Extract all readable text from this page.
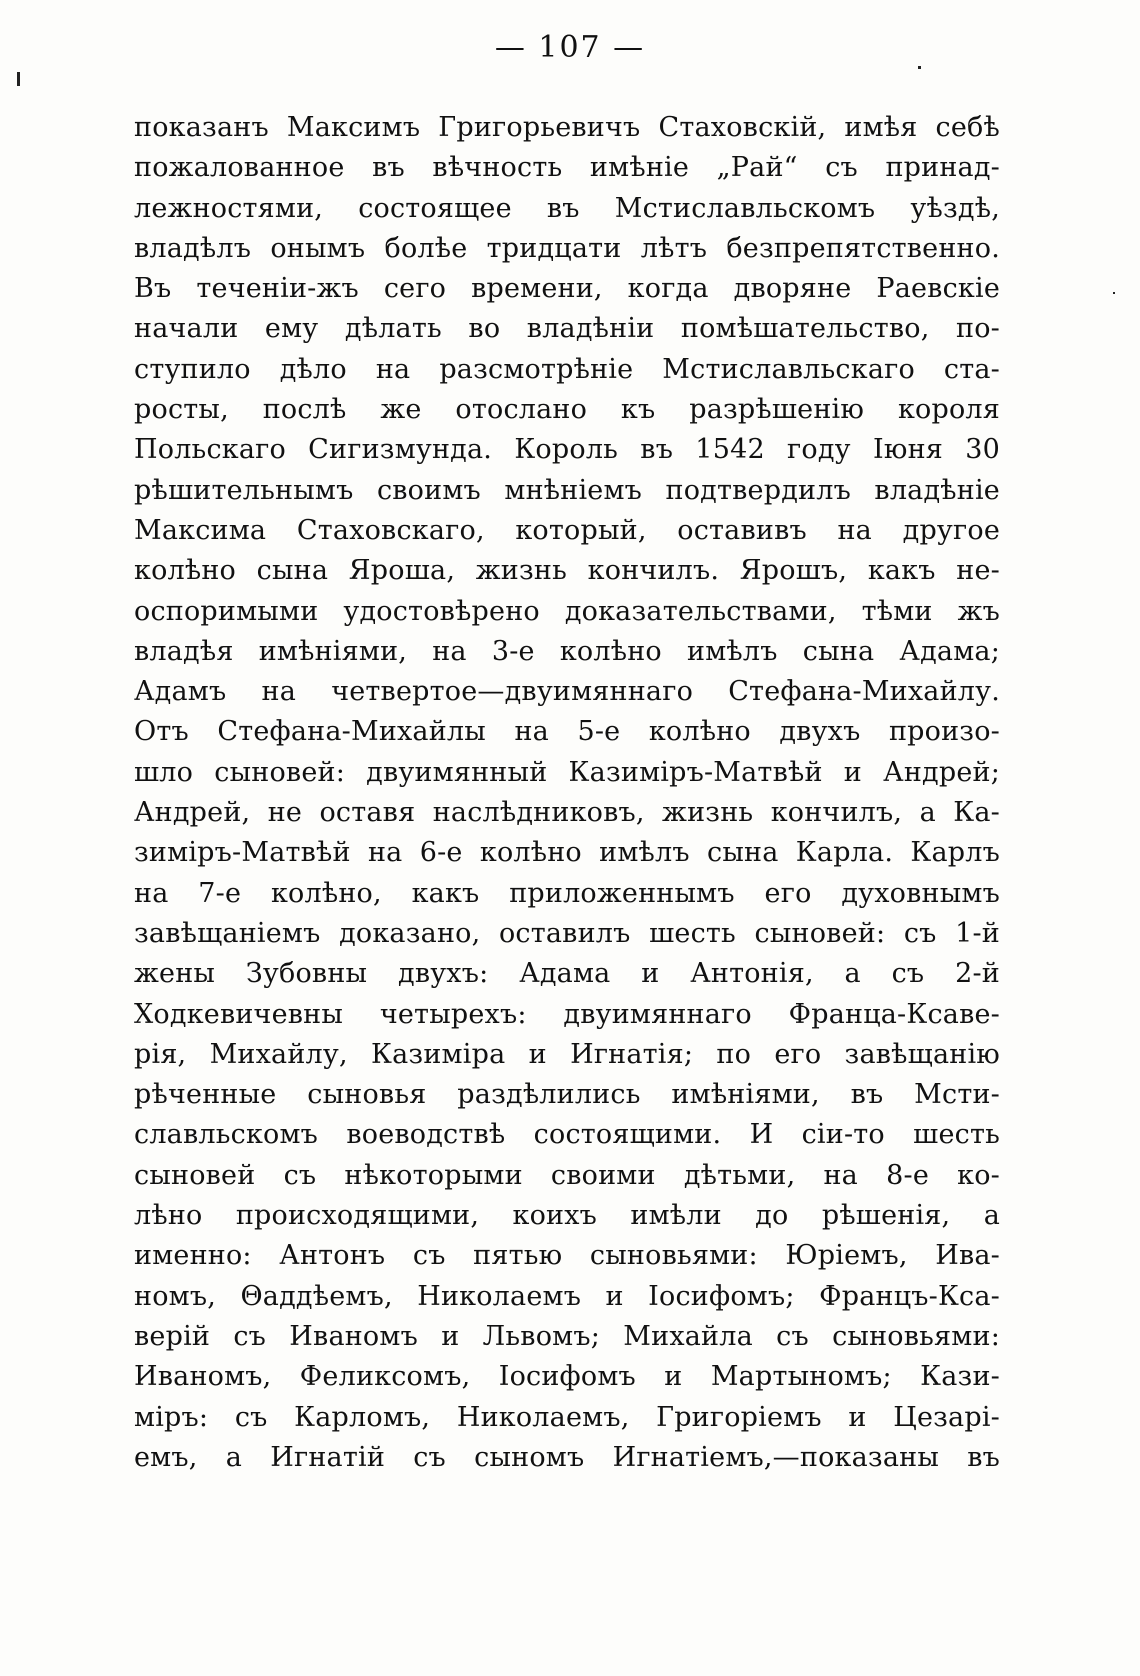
— 107 —
показанъ Максимъ Григорьевичъ Стаховскій, имѣя себѣ
пожалованное въ вѣчность имѣніе „Рай“ съ принад-
лежностями, состоящее въ Мстиславльскомъ уѣздѣ,
владѣлъ онымъ болѣе тридцати лѣтъ безпрепятственно.
Въ теченіи-жъ сего времени, когда дворяне Раевскіе
начали ему дѣлать во владѣніи помѣшательство, по-
ступило дѣло на разсмотрѣніе Мстиславльскаго ста-
росты, послѣ же отослано къ разрѣшенію короля
Польскаго Сигизмунда. Король въ 1542 году Іюня 30
рѣшительнымъ своимъ мнѣніемъ подтвердилъ владѣніе
Максима Стаховскаго, который, оставивъ на другое
колѣно сына Ярошa, жизнь кончилъ. Ярошъ, какъ не-
оспоримыми удостовѣрено доказательствами, тѣми жъ
владѣя имѣніями, на 3-е колѣно имѣлъ сына Адама;
Адамъ на четвертое—двуимяннаго Стефана-Михайлу.
Отъ Стефана-Михайлы на 5-е колѣно двухъ произо-
шло сыновей: двуимянный Казиміръ-Матвѣй и Андрей;
Андрей, не оставя наслѣдниковъ, жизнь кончилъ, а Ка-
зиміръ-Матвѣй на 6-е колѣно имѣлъ сына Карла. Карлъ
на 7-е колѣно, какъ приложеннымъ его духовнымъ
завѣщаніемъ доказано, оставилъ шесть сыновей: съ 1-й
жены Зубовны двухъ: Адама и Антонія, а съ 2-й
Ходкевичевны четырехъ: двуимяннаго Франца-Ксаве-
рія, Михайлу, Казиміра и Игнатія; по его завѣщанію
рѣченные сыновья раздѣлились имѣніями, въ Мсти-
славльскомъ воеводствѣ состоящими. И сіи-то шесть
сыновей съ нѣкоторыми своими дѣтьми, на 8-е ко-
лѣно происходящими, коихъ имѣли до рѣшенія, а
именно: Антонъ съ пятью сыновьями: Юріемъ, Ива-
номъ, Θаддѣемъ, Николаемъ и Іосифомъ; Францъ-Кса-
верій съ Иваномъ и Львомъ; Михайла съ сыновьями:
Иваномъ, Феликсомъ, Іосифомъ и Мартыномъ; Кази-
міръ: съ Карломъ, Николаемъ, Григоріемъ и Цезарі-
емъ, а Игнатій съ сыномъ Игнатіемъ,—показаны въ
